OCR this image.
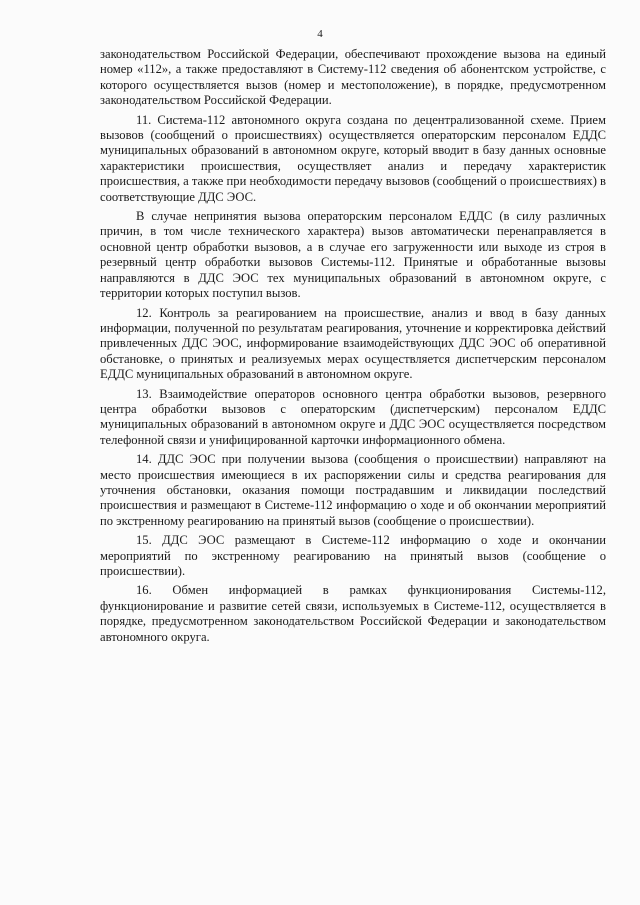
4

законодательством Российской Федерации, обеспечивают прохождение вызова на единый номер «112», а также предоставляют в Систему-112 сведения об абонентском устройстве, с которого осуществляется вызов (номер и местоположение), в порядке, предусмотренном законодательством Российской Федерации.

11. Система-112 автономного округа создана по децентрализованной схеме. Прием вызовов (сообщений о происшествиях) осуществляется операторским персоналом ЕДДС муниципальных образований в автономном округе, который вводит в базу данных основные характеристики происшествия, осуществляет анализ и передачу характеристик происшествия, а также при необходимости передачу вызовов (сообщений о происшествиях) в соответствующие ДДС ЭОС.

В случае непринятия вызова операторским персоналом ЕДДС (в силу различных причин, в том числе технического характера) вызов автоматически перенаправляется в основной центр обработки вызовов, а в случае его загруженности или выходе из строя в резервный центр обработки вызовов Системы-112. Принятые и обработанные вызовы направляются в ДДС ЭОС тех муниципальных образований в автономном округе, с территории которых поступил вызов.

12. Контроль за реагированием на происшествие, анализ и ввод в базу данных информации, полученной по результатам реагирования, уточнение и корректировка действий привлеченных ДДС ЭОС, информирование взаимодействующих ДДС ЭОС об оперативной обстановке, о принятых и реализуемых мерах осуществляется диспетчерским персоналом ЕДДС муниципальных образований в автономном округе.

13. Взаимодействие операторов основного центра обработки вызовов, резервного центра обработки вызовов с операторским (диспетчерским) персоналом ЕДДС муниципальных образований в автономном округе и ДДС ЭОС осуществляется посредством телефонной связи и унифицированной карточки информационного обмена.

14. ДДС ЭОС при получении вызова (сообщения о происшествии) направляют на место происшествия имеющиеся в их распоряжении силы и средства реагирования для уточнения обстановки, оказания помощи пострадавшим и ликвидации последствий происшествия и размещают в Системе-112 информацию о ходе и об окончании мероприятий по экстренному реагированию на принятый вызов (сообщение о происшествии).

15. ДДС ЭОС размещают в Системе-112 информацию о ходе и окончании мероприятий по экстренному реагированию на принятый вызов (сообщение о происшествии).

16. Обмен информацией в рамках функционирования Системы-112, функционирование и развитие сетей связи, используемых в Системе-112, осуществляется в порядке, предусмотренном законодательством Российской Федерации и законодательством автономного округа.
